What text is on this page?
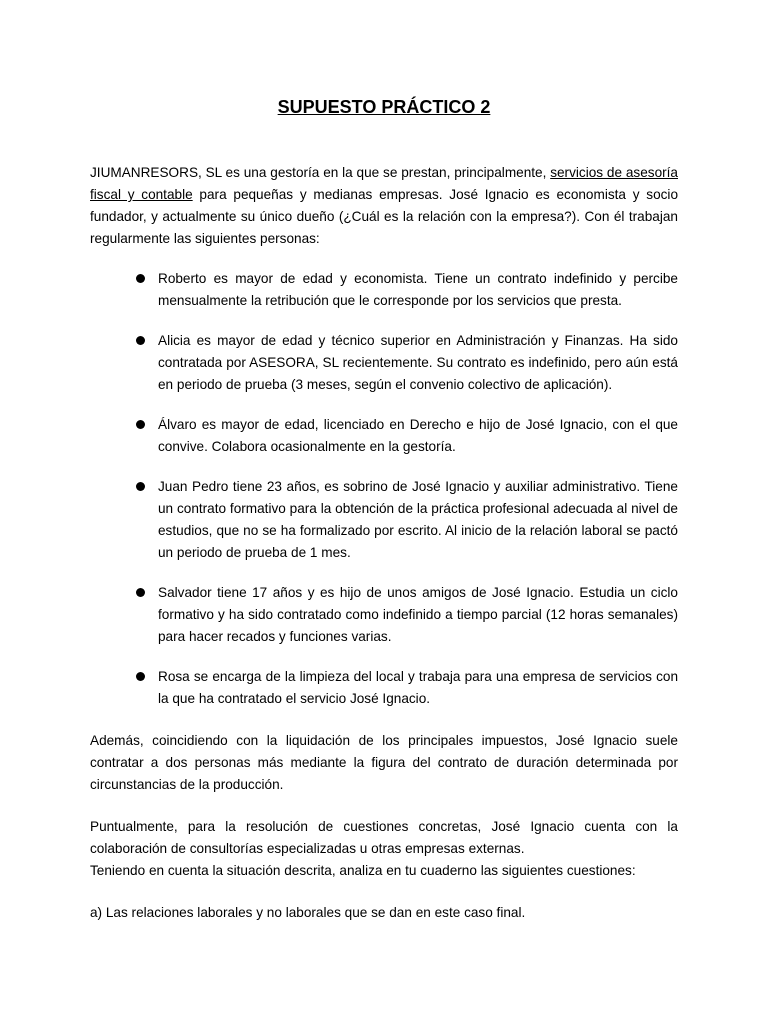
SUPUESTO PRÁCTICO 2

JIUMANRESORS, SL es una gestoría en la que se prestan, principalmente, servicios de asesoría fiscal y contable para pequeñas y medianas empresas. José Ignacio es economista y socio fundador, y actualmente su único dueño (¿Cuál es la relación con la empresa?). Con él trabajan regularmente las siguientes personas:

Roberto es mayor de edad y economista. Tiene un contrato indefinido y percibe mensualmente la retribución que le corresponde por los servicios que presta.
Alicia es mayor de edad y técnico superior en Administración y Finanzas. Ha sido contratada por ASESORA, SL recientemente. Su contrato es indefinido, pero aún está en periodo de prueba (3 meses, según el convenio colectivo de aplicación).
Álvaro es mayor de edad, licenciado en Derecho e hijo de José Ignacio, con el que convive. Colabora ocasionalmente en la gestoría.
Juan Pedro tiene 23 años, es sobrino de José Ignacio y auxiliar administrativo. Tiene un contrato formativo para la obtención de la práctica profesional adecuada al nivel de estudios, que no se ha formalizado por escrito. Al inicio de la relación laboral se pactó un periodo de prueba de 1 mes.
Salvador tiene 17 años y es hijo de unos amigos de José Ignacio. Estudia un ciclo formativo y ha sido contratado como indefinido a tiempo parcial (12 horas semanales) para hacer recados y funciones varias.
Rosa se encarga de la limpieza del local y trabaja para una empresa de servicios con la que ha contratado el servicio José Ignacio.

Además, coincidiendo con la liquidación de los principales impuestos, José Ignacio suele contratar a dos personas más mediante la figura del contrato de duración determinada por circunstancias de la producción.

Puntualmente, para la resolución de cuestiones concretas, José Ignacio cuenta con la colaboración de consultorías especializadas u otras empresas externas.

Teniendo en cuenta la situación descrita, analiza en tu cuaderno las siguientes cuestiones:

a) Las relaciones laborales y no laborales que se dan en este caso final.
